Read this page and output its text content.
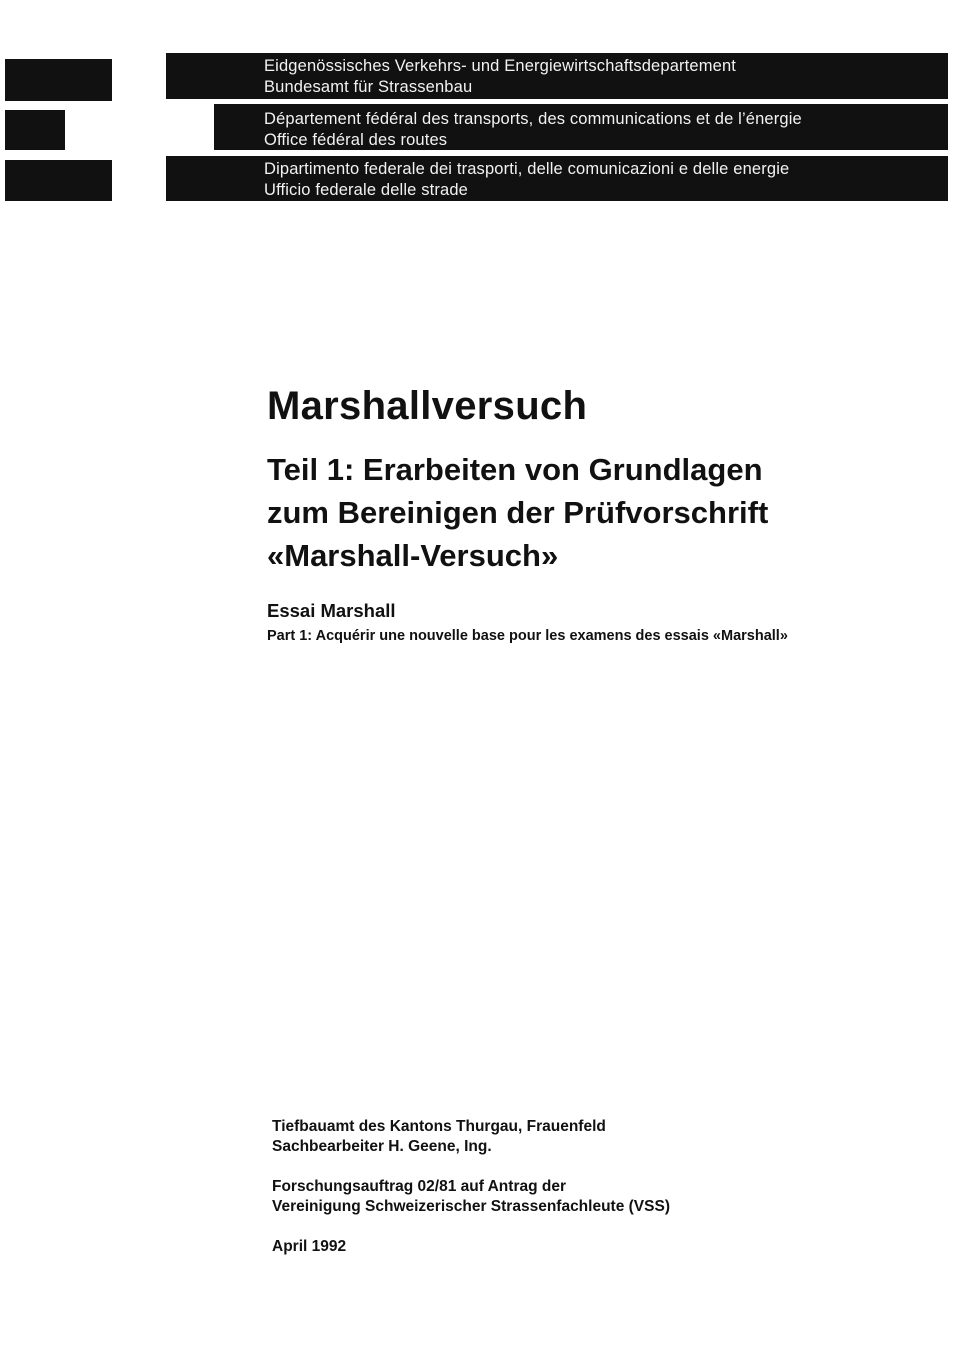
Eidgenössisches Verkehrs- und Energiewirtschaftsdepartement
Bundesamt für Strassenbau
Département fédéral des transports, des communications et de l’énergie
Office fédéral des routes
Dipartimento federale dei trasporti, delle comunicazioni e delle energie
Ufficio federale delle strade
Marshallversuch
Teil 1: Erarbeiten von Grundlagen
zum Bereinigen der Prüfvorschrift
«Marshall-Versuch»
Essai Marshall

Part 1: Acquérir une nouvelle base pour les examens des essais «Marshall»

Tiefbauamt des Kantons Thurgau, Frauenfeld
Sachbearbeiter H. Geene, Ing.

Forschungsauftrag 02/81 auf Antrag der
Vereinigung Schweizerischer Strassenfachleute (VSS)

April 1992
